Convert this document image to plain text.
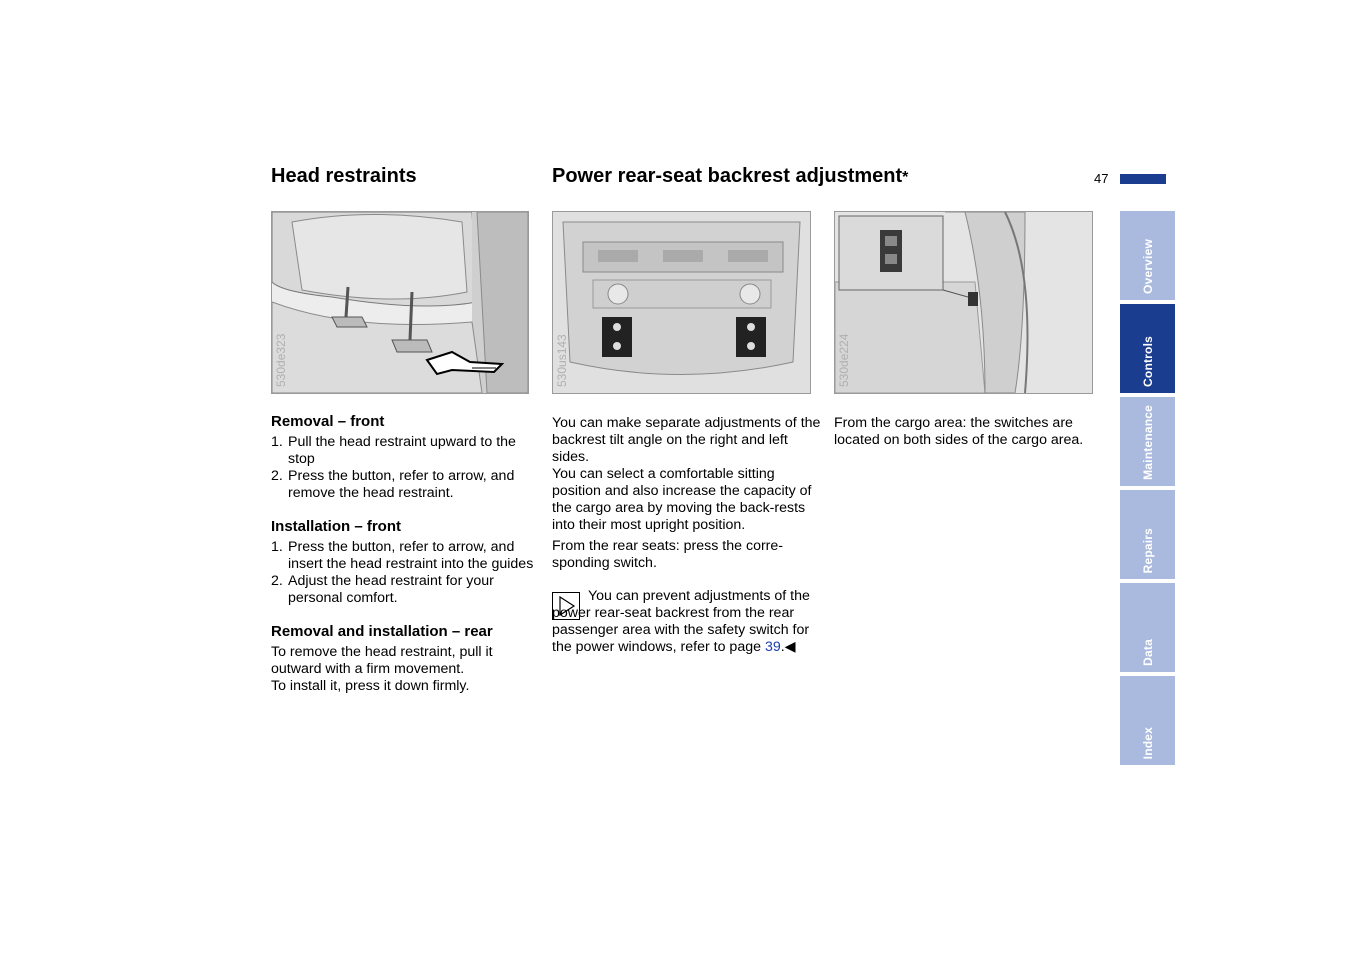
Head restraints	Power rear-seat backrest adjustment*	47
530de323	530us143	530de224
Removal – front
1. Pull the head restraint upward to the stop
2. Press the button, refer to arrow, and remove the head restraint.
Installation – front
1. Press the button, refer to arrow, and insert the head restraint into the guides
2. Adjust the head restraint for your personal comfort.
Removal and installation – rear

To remove the head restraint, pull it outward with a firm movement.

To install it, press it down firmly.

You can make separate adjustments of the backrest tilt angle on the right and left sides.

You can select a comfortable sitting position and also increase the capacity of the cargo area by moving the back-rests into their most upright position.

From the rear seats: press the corre-sponding switch.

You can prevent adjustments of the power rear-seat backrest from the rear passenger area with the safety switch for the power windows, refer to page 39.◀

From the cargo area: the switches are located on both sides of the cargo area.

Overview
Controls
Maintenance
Repairs
Data
Index
